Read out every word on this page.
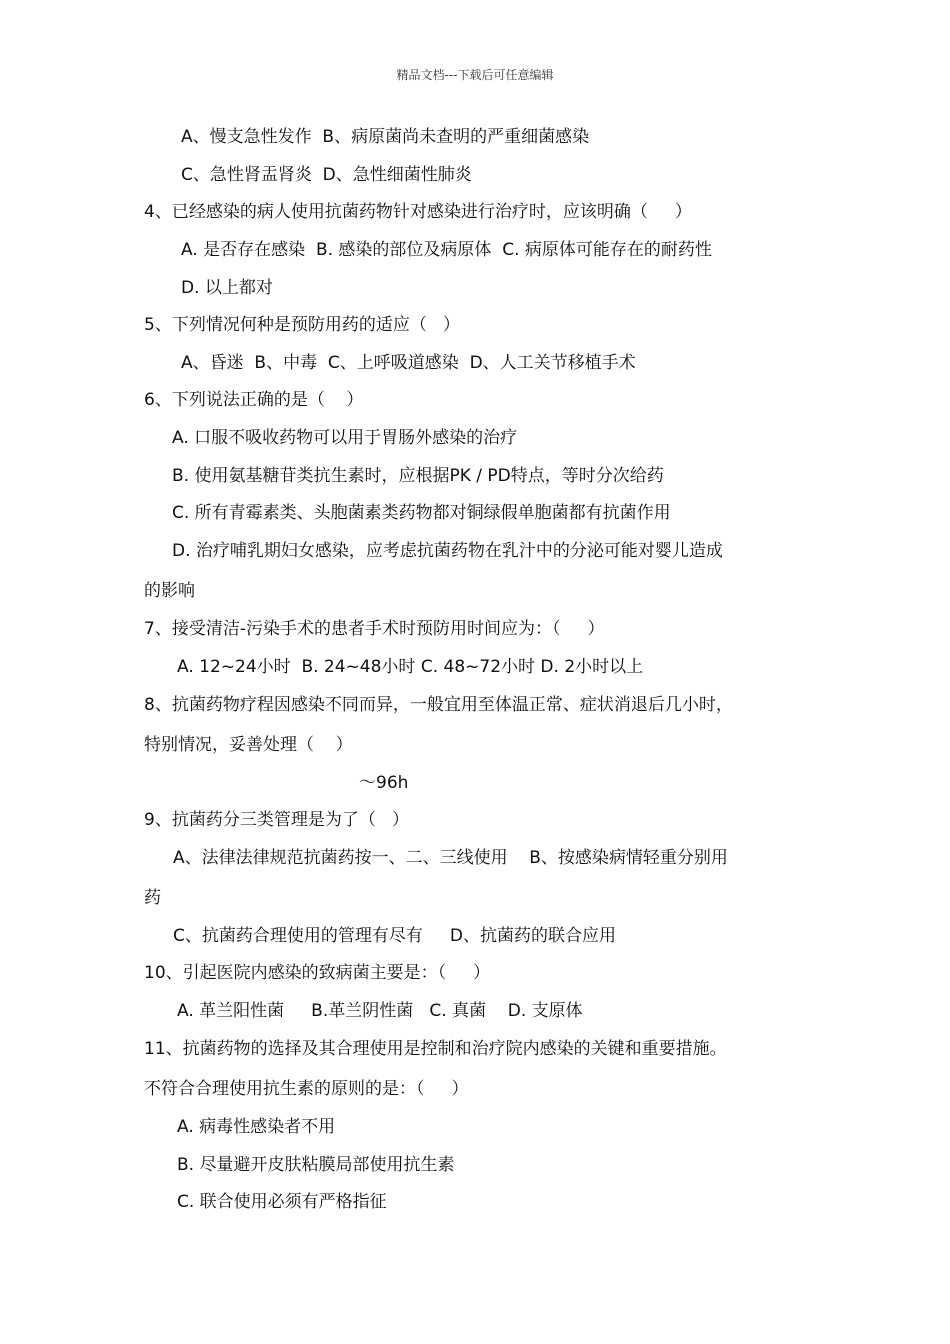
精品文档---下载后可任意编辑
A、慢支急性发作  B、病原菌尚未查明的严重细菌感染
C、急性肾盂肾炎  D、急性细菌性肺炎
4、已经感染的病人使用抗菌药物针对感染进行治疗时，应该明确（     ）
A. 是否存在感染  B. 感染的部位及病原体  C. 病原体可能存在的耐药性
D. 以上都对
5、下列情况何种是预防用药的适应（   ）
A、昏迷  B、中毒  C、上呼吸道感染  D、人工关节移植手术
6、下列说法正确的是（    ）
A. 口服不吸收药物可以用于胃肠外感染的治疗
B. 使用氨基糖苷类抗生素时，应根据PK / PD特点，等时分次给药
C. 所有青霉素类、头胞菌素类药物都对铜绿假单胞菌都有抗菌作用
D. 治疗哺乳期妇女感染，应考虑抗菌药物在乳汁中的分泌可能对婴儿造成
的影响
7、接受清洁-污染手术的患者手术时预防用时间应为：（     ）
A. 12~24小时  B. 24~48小时 C. 48~72小时 D. 2小时以上
8、抗菌药物疗程因感染不同而异，一般宜用至体温正常、症状消退后几小时，
特别情况，妥善处理（    ）
～96h
9、抗菌药分三类管理是为了（   ）
A、法律法律规范抗菌药按一、二、三线使用    B、按感染病情轻重分别用
药
C、抗菌药合理使用的管理有尽有     D、抗菌药的联合应用
10、引起医院内感染的致病菌主要是：（     ）
A. 革兰阳性菌     B.革兰阴性菌   C. 真菌    D. 支原体
11、抗菌药物的选择及其合理使用是控制和治疗院内感染的关键和重要措施。
不符合合理使用抗生素的原则的是：（     ）
A. 病毒性感染者不用
B. 尽量避开皮肤粘膜局部使用抗生素
C. 联合使用必须有严格指征
